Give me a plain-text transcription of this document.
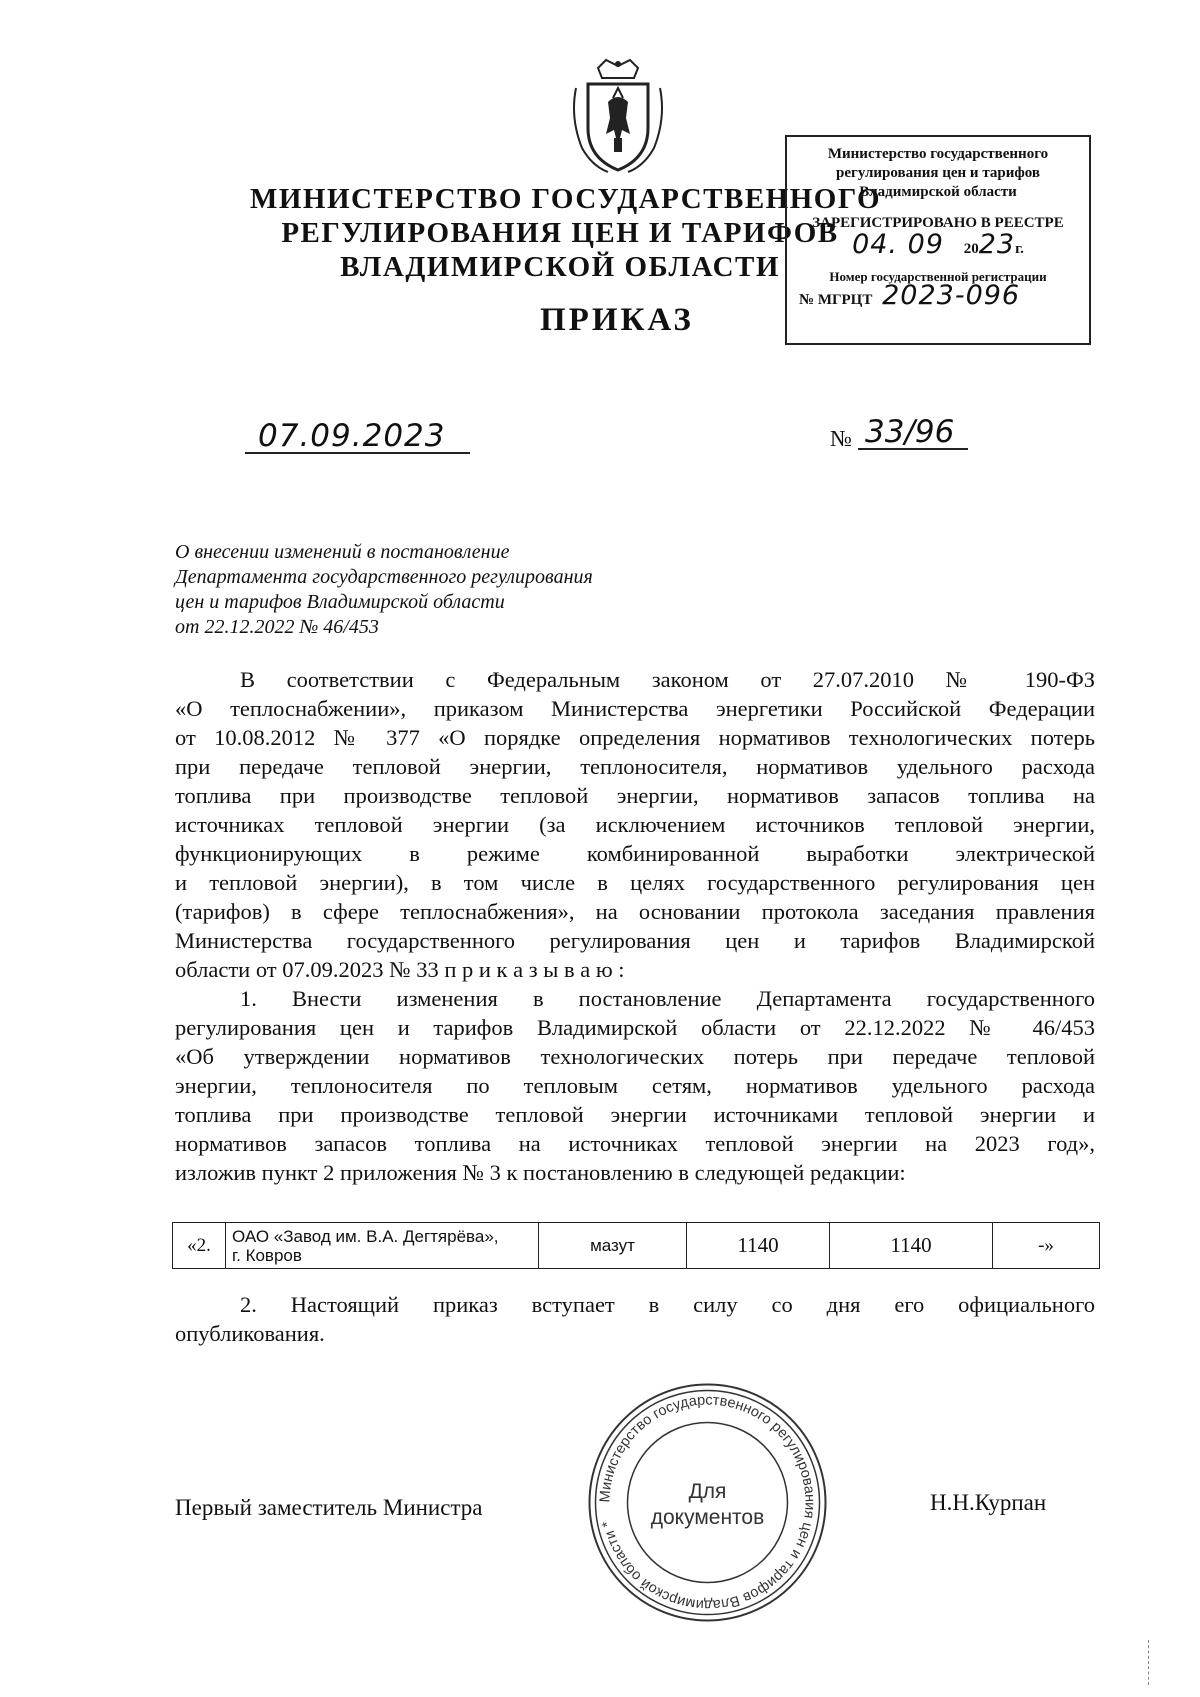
МИНИСТЕРСТВО ГОСУДАРСТВЕННОГО
РЕГУЛИРОВАНИЯ ЦЕН И ТАРИФОВ
ВЛАДИМИРСКОЙ ОБЛАСТИ
ПРИКАЗ
Министерство государственного
регулирования цен и тарифов
Владимирской области
ЗАРЕГИСТРИРОВАНО В РЕЕСТРЕ
04. 09 2023г.
Номер государственной регистрации
№ МГРЦТ 2023-096
07.09.2023	№ 33/96
О внесении изменений в постановление
Департамента государственного регулирования
цен и тарифов Владимирской области
от 22.12.2022 № 46/453
В соответствии с Федеральным законом от 27.07.2010 № 190-ФЗ
«О теплоснабжении», приказом Министерства энергетики Российской Федерации
от 10.08.2012 № 377 «О порядке определения нормативов технологических потерь
при передаче тепловой энергии, теплоносителя, нормативов удельного расхода
топлива при производстве тепловой энергии, нормативов запасов топлива на
источниках тепловой энергии (за исключением источников тепловой энергии,
функционирующих в режиме комбинированной выработки электрической
и тепловой энергии), в том числе в целях государственного регулирования цен
(тарифов) в сфере теплоснабжения», на основании протокола заседания правления
Министерства государственного регулирования цен и тарифов Владимирской
области от 07.09.2023 № 33 п р и к а з ы в а ю :
1. Внести изменения в постановление Департамента государственного
регулирования цен и тарифов Владимирской области от 22.12.2022 № 46/453
«Об утверждении нормативов технологических потерь при передаче тепловой
энергии, теплоносителя по тепловым сетям, нормативов удельного расхода
топлива при производстве тепловой энергии источниками тепловой энергии и
нормативов запасов топлива на источниках тепловой энергии на 2023 год»,
изложив пункт 2 приложения № 3 к постановлению в следующей редакции:
«2.	ОАО «Завод им. В.А. Дегтярёва»,
г. Ковров
	мазут	1140	1140	-»
2. Настоящий приказ вступает в силу со дня его официального
опубликования.
Министерство государственного регулирования цен и тарифов Владимирской области *
Для
документов
Первый заместитель Министра	Н.Н.Курпан
